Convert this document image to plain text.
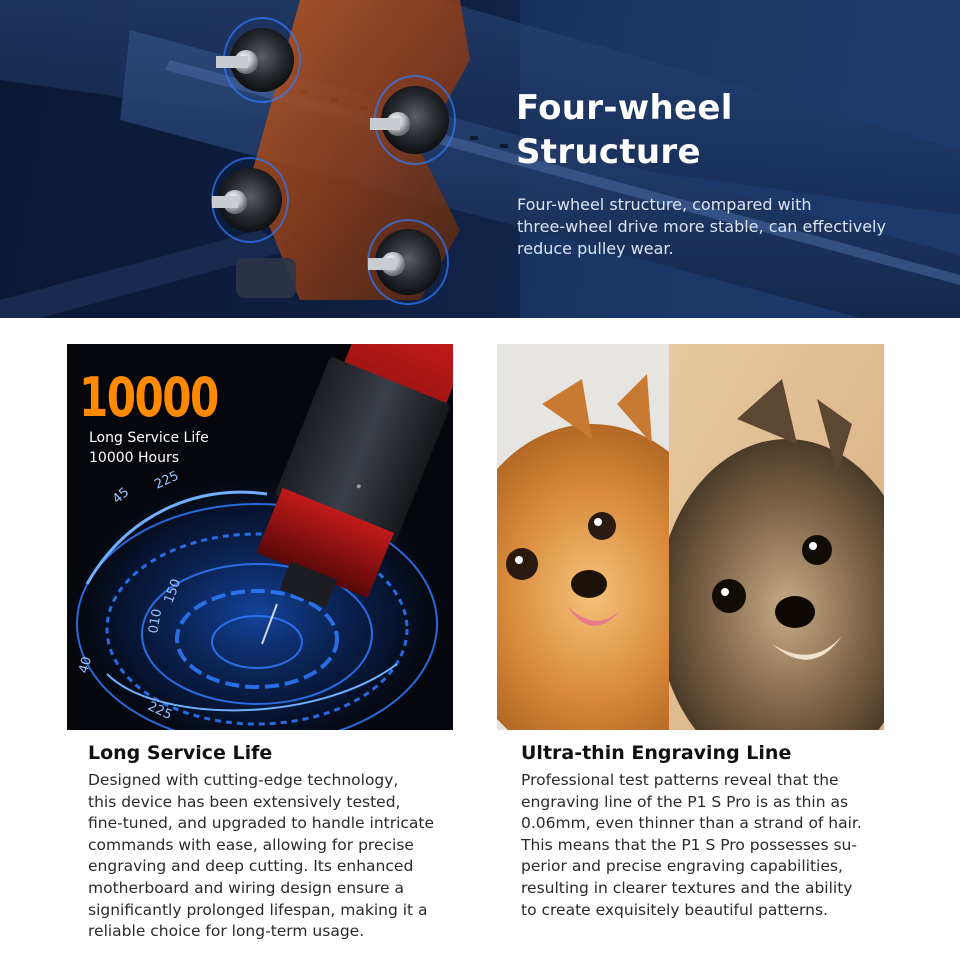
Four-wheel
Structure

Four-wheel structure, compared with
three-wheel drive more stable, can effectively
reduce pulley wear.

225
45
150
010
40
225
10000
Long Service Life
10000 Hours
Long Service Life

Designed with cutting-edge technology,
this device has been extensively tested,
fine-tuned, and upgraded to handle intricate
commands with ease, allowing for precise
engraving and deep cutting. Its enhanced
motherboard and wiring design ensure a
significantly prolonged lifespan, making it a
reliable choice for long-term usage.

Ultra-thin Engraving Line

Professional test patterns reveal that the
engraving line of the P1 S Pro is as thin as
0.06mm, even thinner than a strand of hair.
This means that the P1 S Pro possesses su-
perior and precise engraving capabilities,
resulting in clearer textures and the ability
to create exquisitely beautiful patterns.
